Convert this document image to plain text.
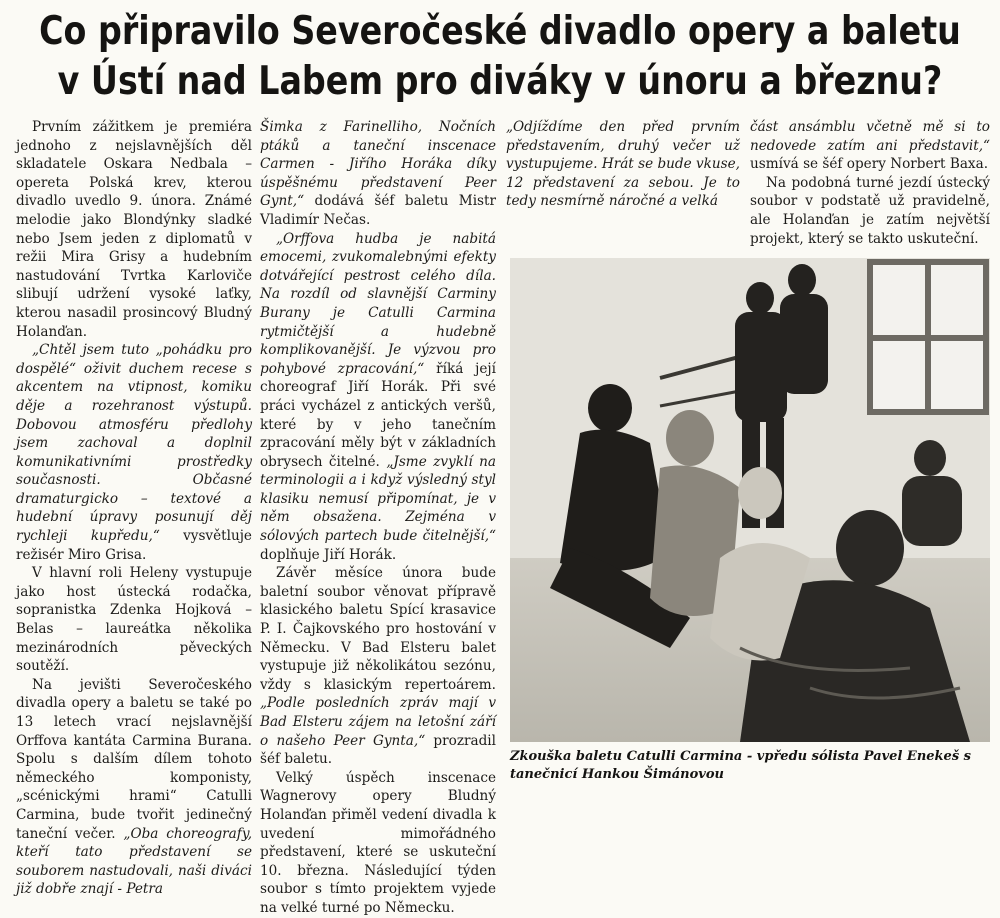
Co připravilo Severočeské divadlo opery a baletu
v Ústí nad Labem pro diváky v únoru a březnu?

Prvním zážitkem je premiéra jednoho z nejslavnějších děl skladatele Oskara Nedbala – opereta Polská krev, kterou divadlo uvedlo 9. února. Známé melodie jako Blondýnky sladké nebo Jsem jeden z diplomatů v režii Mira Grisy a hudebním nastudování Tvrtka Karloviče slibují udržení vysoké laťky, kterou nasadil prosincový Bludný Holanďan.

„Chtěl jsem tuto „pohádku pro dospělé“ oživit duchem recese s akcentem na vtipnost, komiku děje a rozehranost výstupů. Dobovou atmosféru předlohy jsem zachoval a doplnil komunikativními prostředky současnosti. Občasné dramaturgicko – textové a hudební úpravy posunují děj rychleji kupředu,“ vysvětluje režisér Miro Grisa.

V hlavní roli Heleny vystupuje jako host ústecká rodačka, sopranistka Zdenka Hojková – Belas – laureátka několika mezinárodních pěveckých soutěží.

Na jevišti Severočeského divadla opery a baletu se také po 13 letech vrací nejslavnější Orffova kantáta Carmina Burana. Spolu s dalším dílem tohoto německého komponisty, „scénickými hrami“ Catulli Carmina, bude tvořit jedinečný taneční večer. „Oba choreografy, kteří tato představení se souborem nastudovali, naši diváci již dobře znají - Petra

Šimka z Farinelliho, Nočních ptáků a taneční inscenace Carmen - Jiřího Horáka díky úspěšnému představení Peer Gynt,“ dodává šéf baletu Mistr Vladimír Nečas.

„Orffova hudba je nabitá emocemi, zvukomalebnými efekty dotvářející pestrost celého díla. Na rozdíl od slavnější Carminy Burany je Catulli Carmina rytmičtější a hudebně komplikovanější. Je výzvou pro pohybové zpracování,“ říká její choreograf Jiří Horák. Při své práci vycházel z antických veršů, které by v jeho tanečním zpracování měly být v základních obrysech čitelné. „Jsme zvyklí na terminologii a i když výsledný styl klasiku nemusí připomínat, je v něm obsažena. Zejména v sólových partech bude čitelnější,“ doplňuje Jiří Horák.

Závěr měsíce února bude baletní soubor věnovat přípravě klasického baletu Spící krasavice P. I. Čajkovského pro hostování v Německu. V Bad Elsteru balet vystupuje již několikátou sezónu, vždy s klasickým repertoárem. „Podle posledních zpráv mají v Bad Elsteru zájem na letošní září o našeho Peer Gynta,“ prozradil šéf baletu.

Velký úspěch inscenace Wagnerovy opery Bludný Holanďan přiměl vedení divadla k uvedení mimořádného představení, které se uskuteční 10. března. Následující týden soubor s tímto projektem vyjede na velké turné po Německu.

„Odjíždíme den před prvním představením, druhý večer už vystupujeme. Hrát se bude vkuse, 12 představení za sebou. Je to tedy nesmírně náročné a velká

část ansámblu včetně mě si to nedovede zatím ani představit,“ usmívá se šéf opery Norbert Baxa.

Na podobná turné jezdí ústecký soubor v podstatě už pravidelně, ale Holanďan je zatím největší projekt, který se takto uskuteční.

Zkouška baletu Catulli Carmina - vpředu sólista Pavel Enekeš s tanečnicí Hankou Šimánovou
